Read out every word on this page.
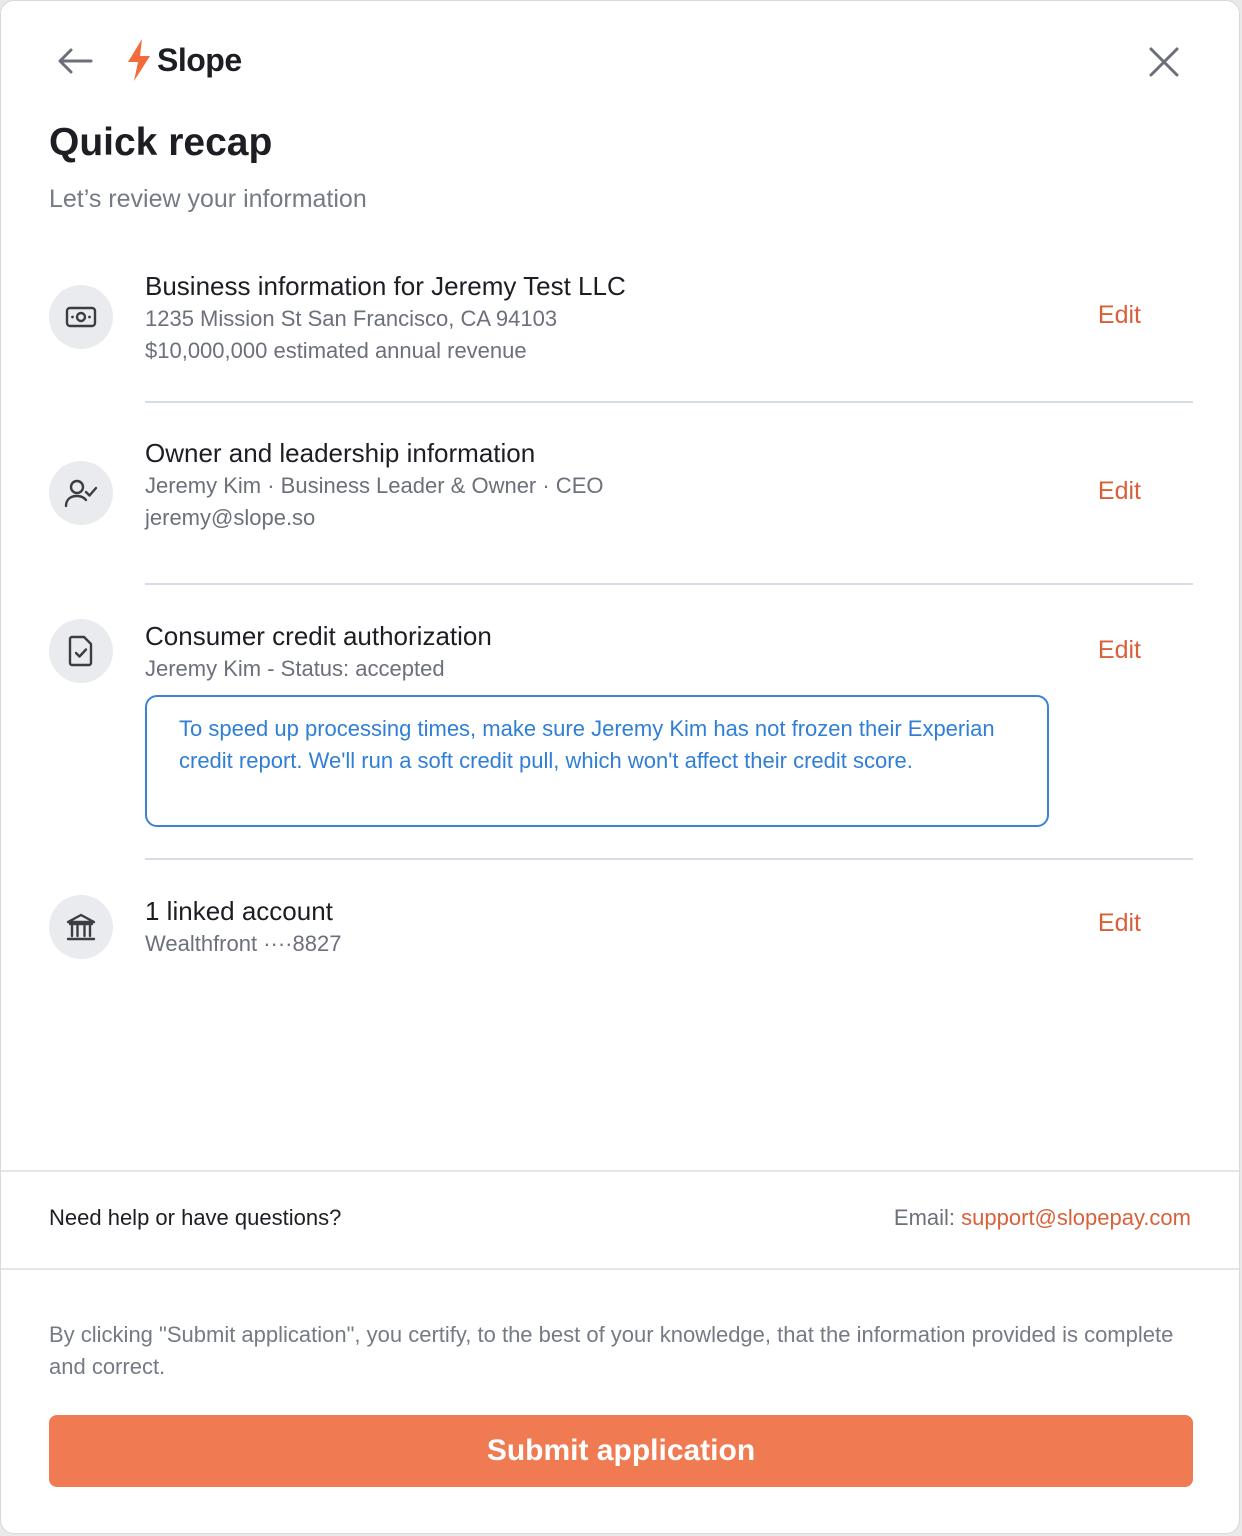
Slope
Quick recap
Let’s review your information
Business information for Jeremy Test LLC
1235 Mission St San Francisco, CA 94103
$10,000,000 estimated annual revenue
Edit
Owner and leadership information
Jeremy Kim · Business Leader & Owner · CEO
jeremy@slope.so
Edit
Consumer credit authorization
Jeremy Kim - Status: accepted
Edit
To speed up processing times, make sure Jeremy Kim has not frozen their Experian credit report. We'll run a soft credit pull, which won't affect their credit score.
1 linked account
Wealthfront ····8827
Edit
Need help or have questions?	Email: support@slopepay.com
By clicking "Submit application", you certify, to the best of your knowledge, that the information provided is complete and correct.
Submit application
